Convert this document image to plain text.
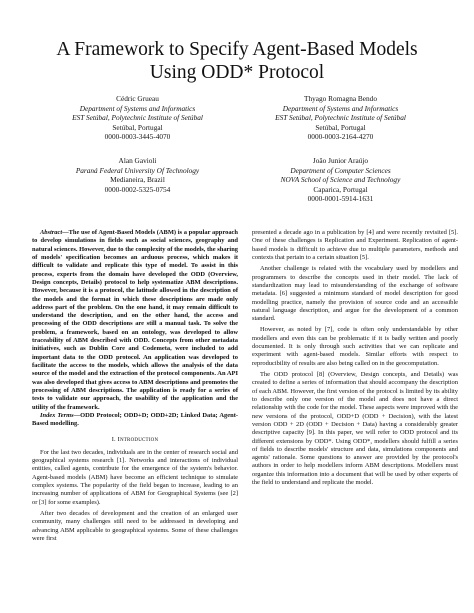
A Framework to Specify Agent-Based Models
Using ODD* Protocol
Cédric Grueau
Department of Systems and Informatics
EST Setúbal, Polytechnic Institute of Setúbal
Setúbal, Portugal
0000-0003-3445-4070
Thyago Romagna Bendo
Department of Systems and Informatics
EST Setúbal, Polytechnic Institute of Setúbal
Setúbal, Portugal
0000-0003-2164-4270
Alan Gavioli
Paraná Federal University Of Technology
Medianeira, Brazil
0000-0002-5325-0754
João Junior Araújo
Department of Computer Sciences
NOVA School of Science and Technology
Caparica, Portugal
0000-0001-5914-1631

Abstract—The use of Agent-Based Models (ABM) is a popular approach to develop simulations in fields such as social sciences, geography and natural sciences. However, due to the complexity of the models, the sharing of models' specification becomes an arduous process, which makes it difficult to validate and replicate this type of model. To assist in this process, experts from the domain have developed the ODD (Overview, Design concepts, Details) protocol to help systematize ABM descriptions. However, because it is a protocol, the latitude allowed in the description of the models and the format in which these descriptions are made only address part of the problem. On the one hand, it may remain difficult to understand the description, and on the other hand, the access and processing of the ODD descriptions are still a manual task. To solve the problem, a framework, based on an ontology, was developed to allow traceability of ABM described with ODD. Concepts from other metadata initiatives, such as Dublin Core and Codemeta, were included to add important data to the ODD protocol. An application was developed to facilitate the access to the models, which allows the analysis of the data source of the model and the extraction of the protocol components. An API was also developed that gives access to ABM descriptions and promotes the processing of ABM descriptions. The application is ready for a series of tests to validate our approach, the usability of the application and the utility of the framework.

Index Terms—ODD Protocol; ODD+D; ODD+2D; Linked Data; Agent-Based modelling.

I. Introduction

For the last two decades, individuals are in the center of research social and geographical systems research [1]. Networks and interactions of individual entities, called agents, contribute for the emergence of the system's behavior. Agent-based models (ABM) have become an efficient technique to simulate complex systems. The popularity of the field began to increase, leading to an increasing number of applications of ABM for Geographical Systems (see [2] or [3] for some examples).

After two decades of development and the creation of an enlarged user community, many challenges still need to be addressed in developing and advancing ABM applicable to geographical systems. Some of these challenges were first

presented a decade ago in a publication by [4] and were recently revisited [5]. One of these challenges is Replication and Experiment. Replication of agent-based models is difficult to achieve due to multiple parameters, methods and contexts that pertain to a certain situation [5].

Another challenge is related with the vocabulary used by modellers and programmers to describe the concepts used in their model. The lack of standardization may lead to misunderstanding of the exchange of software metadata. [6] suggested a minimum standard of model description for good modelling practice, namely the provision of source code and an accessible natural language description, and argue for the development of a common standard.

However, as noted by [7], code is often only understandable by other modellers and even this can be problematic if it is badly written and poorly documented. It is only through such activities that we can replicate and experiment with agent-based models. Similar efforts with respect to reproducibility of results are also being called on in the geocomputation.

The ODD protocol [8] (Overview, Design concepts, and Details) was created to define a series of information that should accompany the description of each ABM. However, the first version of the protocol is limited by its ability to describe only one version of the model and does not have a direct relationship with the code for the model. These aspects were improved with the new versions of the protocol, ODD+D (ODD + Decision), with the latest version ODD + 2D (ODD + Decision + Data) having a considerably greater descriptive capacity [9]. In this paper, we will refer to ODD protocol and its different extensions by ODD*. Using ODD*, modellers should fulfill a series of fields to describe models' structure and data, simulations components and agents' rationale. Some questions to answer are provided by the protocol's authors in order to help modellers inform ABM descriptions. Modellers must organize this information into a document that will be used by other experts of the field to understand and replicate the model.
